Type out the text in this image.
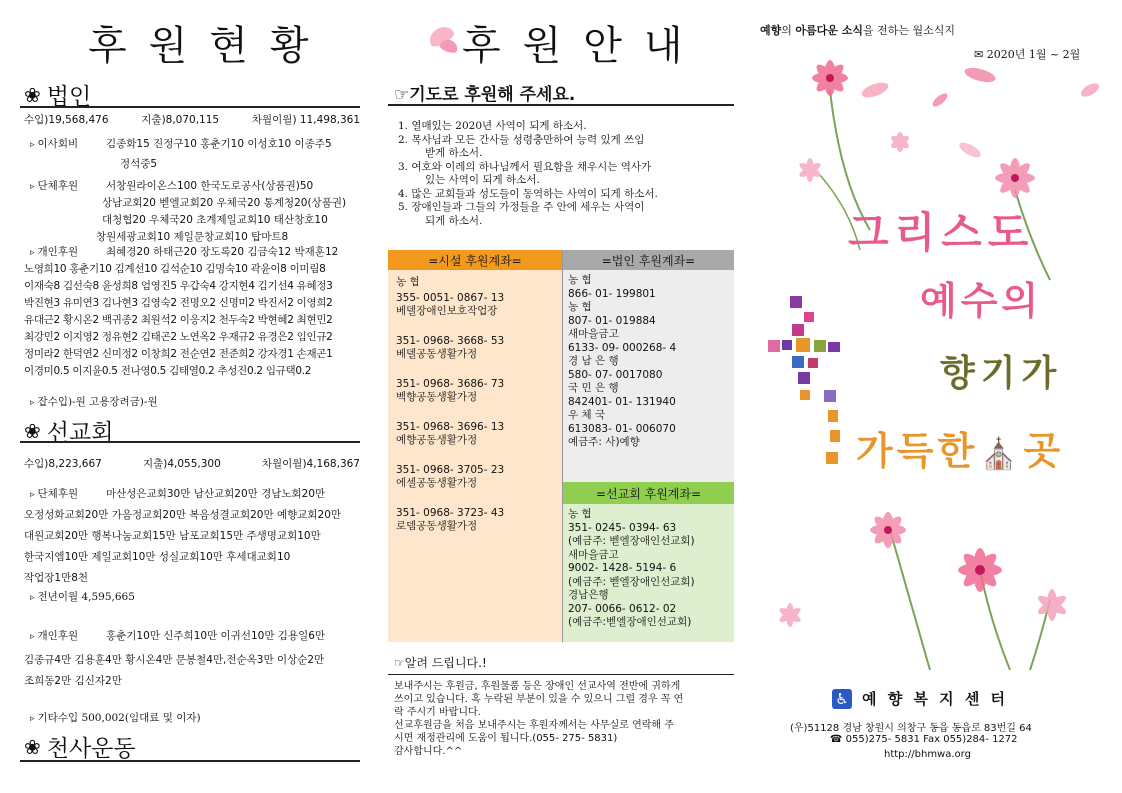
후원현황
❀ 법인
수입)19,568,476	지출)8,070,115	차월이월) 11,498,361
▹ 이사회비	김종화15 진정구10 홍춘기10 이성호10 이종주5
정석중5
▹ 단체후원	서창원라이온스100 한국도로공사(상품권)50
상남교회20 벧엘교회20 우체국20 통계청20(상품권)
대청협20 우체국20 초계제일교회10 태산창호10
창원세광교회10 제일문창교회10 탑마트8
▹ 개인후원	최혜경20 하태근20 장도록20 김금숙12 박재훈12
노영희10 홍춘기10 김계선10 김석순10 김명숙10 곽윤이8 이미림8
이재숙8 김선숙8 윤성희8 엄영진5 우갑숙4 강지현4 김기선4 유혜정3
박진현3 유미연3 김나현3 김영숙2 전명오2 신명미2 박진서2 이영희2
유대근2 황시온2 백귀종2 최원석2 이응지2 천두숙2 박현혜2 최현민2
최강민2 이지영2 정유현2 김태곤2 노연옥2 우재규2 유경은2 임인규2
정미라2 한덕연2 신미정2 이창희2 전순연2 전준희2 강자경1 손재곤1
이경미0.5 이지윤0.5 전나영0.5 김태열0.2 추성진0.2 임규택0.2
▹ 잡수입)-원 고용장려금)-원
❀ 선교회
수입)8,223,667	지출)4,055,300	차월이월)4,168,367
▹ 단체후원	마산성은교회30만 남산교회20만 경남노회20만
오정성화교회20만 가음정교회20만 복음성결교회20만 예향교회20만
대원교회20만 행복나눔교회15만 남포교회15만 주생명교회10만
한국지엠10만 제일교회10만 성실교회10만 후세대교회10
작업장1만8천
▹ 전년이월 4,595,665
▹ 개인후원	홍춘기10만 신주희10만 이귀선10만 김용일6만
김종규4만 김용훈4만 황시온4만 문봉철4만,전순옥3만 이상순2만
조희동2만 김신자2만
▹ 기타수입 500,002(임대료 및 이자)
❀ 천사운동
후원안내
☞기도로 후원해 주세요.
1. 열매있는 2020년 사역이 되게 하소서.
2. 목사님과 모든 간사들 성령충만하여 능력 있게 쓰임
받게 하소서.
3. 여호와 이레의 하나님께서 필요함을 채우시는 역사가
있는 사역이 되게 하소서.
4. 많은 교회들과 성도들이 동역하는 사역이 되게 하소서.
5. 장애인들과 그들의 가정들을 주 안에 세우는 사역이
되게 하소서.
=시설 후원계좌=
농 협
355- 0051- 0867- 13
베델장애인보호작업장
351- 0968- 3668- 53
베델공동생활가정
351- 0968- 3686- 73
벡향공동생활가정
351- 0968- 3696- 13
예향공동생활가정
351- 0968- 3705- 23
에셀공동생활가정
351- 0968- 3723- 43
로뎀공동생활가정
=법인 후원계좌=
농 협
866- 01- 199801
농 협
807- 01- 019884
새마을금고
6133- 09- 000268- 4
경 남 은 행
580- 07- 0017080
국 민 은 행
842401- 01- 131940
우 체 국
613083- 01- 006070
예금주: 사)예향
=선교회 후원계좌=
농 협
351- 0245- 0394- 63
(예금주: 벧엘장애인선교회)
새마을금고
9002- 1428- 5194- 6
(예금주: 벧엘장애인선교회)
경남은행
207- 0066- 0612- 02
(예금주:벧엘장애인선교회)
☞알려 드립니다.!
보내주시는 후원금, 후원물품 등은 장애인 선교사역 전반에 귀하게
쓰이고 있습니다. 혹 누락된 부분이 있을 수 있으니 그럴 경우 꼭 연
락 주시기 바랍니다.
선교후원금을 처음 보내주시는 후원자께서는 사무실로 연락해 주
시면 재정관리에 도움이 됩니다.(055- 275- 5831)
감사합니다.^^
예향의 아름다운 소식을 전하는 월소식지
✉ 2020년 1월 ~ 2월
그리스도
예수의
향기가
가득한⛪곳
♿ 예 향 복 지 센 터
(우)51128 경남 창원시 의창구 동읍 동읍로 83번길 64
☎ 055)275- 5831 Fax 055)284- 1272
http://bhmwa.org
